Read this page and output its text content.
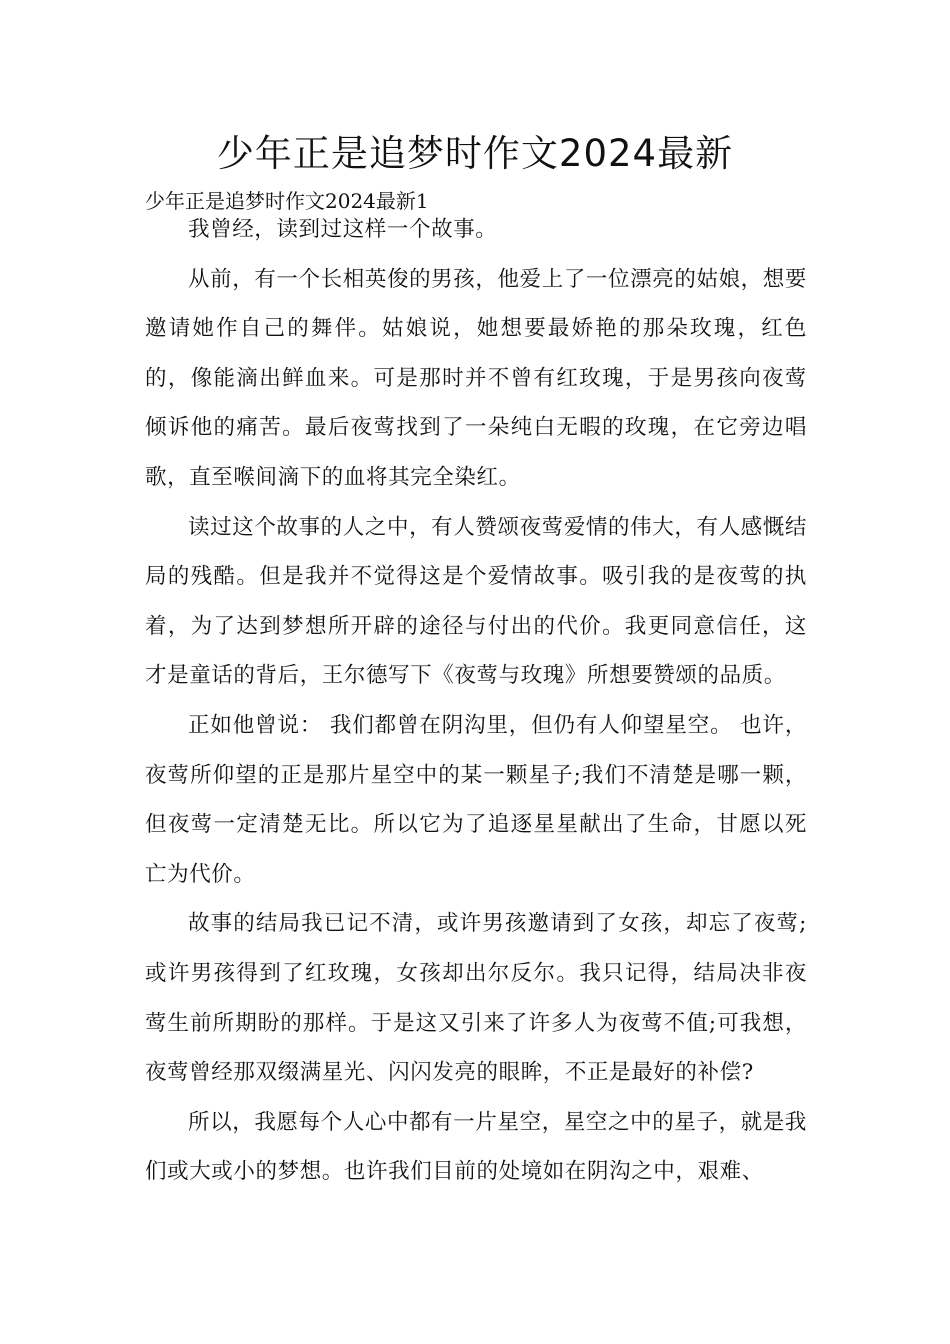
少年正是追梦时作文2024最新

少年正是追梦时作文2024最新1

我曾经，读到过这样一个故事。

从前，有一个长相英俊的男孩，他爱上了一位漂亮的姑娘，想要邀请她作自己的舞伴。姑娘说，她想要最娇艳的那朵玫瑰，红色的，像能滴出鲜血来。可是那时并不曾有红玫瑰，于是男孩向夜莺倾诉他的痛苦。最后夜莺找到了一朵纯白无暇的玫瑰，在它旁边唱歌，直至喉间滴下的血将其完全染红。

读过这个故事的人之中，有人赞颂夜莺爱情的伟大，有人感慨结局的残酷。但是我并不觉得这是个爱情故事。吸引我的是夜莺的执着，为了达到梦想所开辟的途径与付出的代价。我更同意信任，这才是童话的背后，王尔德写下《夜莺与玫瑰》所想要赞颂的品质。

正如他曾说： 我们都曾在阴沟里，但仍有人仰望星空。 也许，夜莺所仰望的正是那片星空中的某一颗星子;我们不清楚是哪一颗，但夜莺一定清楚无比。所以它为了追逐星星献出了生命，甘愿以死亡为代价。

故事的结局我已记不清，或许男孩邀请到了女孩，却忘了夜莺;或许男孩得到了红玫瑰，女孩却出尔反尔。我只记得，结局决非夜莺生前所期盼的那样。于是这又引来了许多人为夜莺不值;可我想，夜莺曾经那双缀满星光、闪闪发亮的眼眸，不正是最好的补偿?

所以，我愿每个人心中都有一片星空，星空之中的星子，就是我们或大或小的梦想。也许我们目前的处境如在阴沟之中，艰难、
